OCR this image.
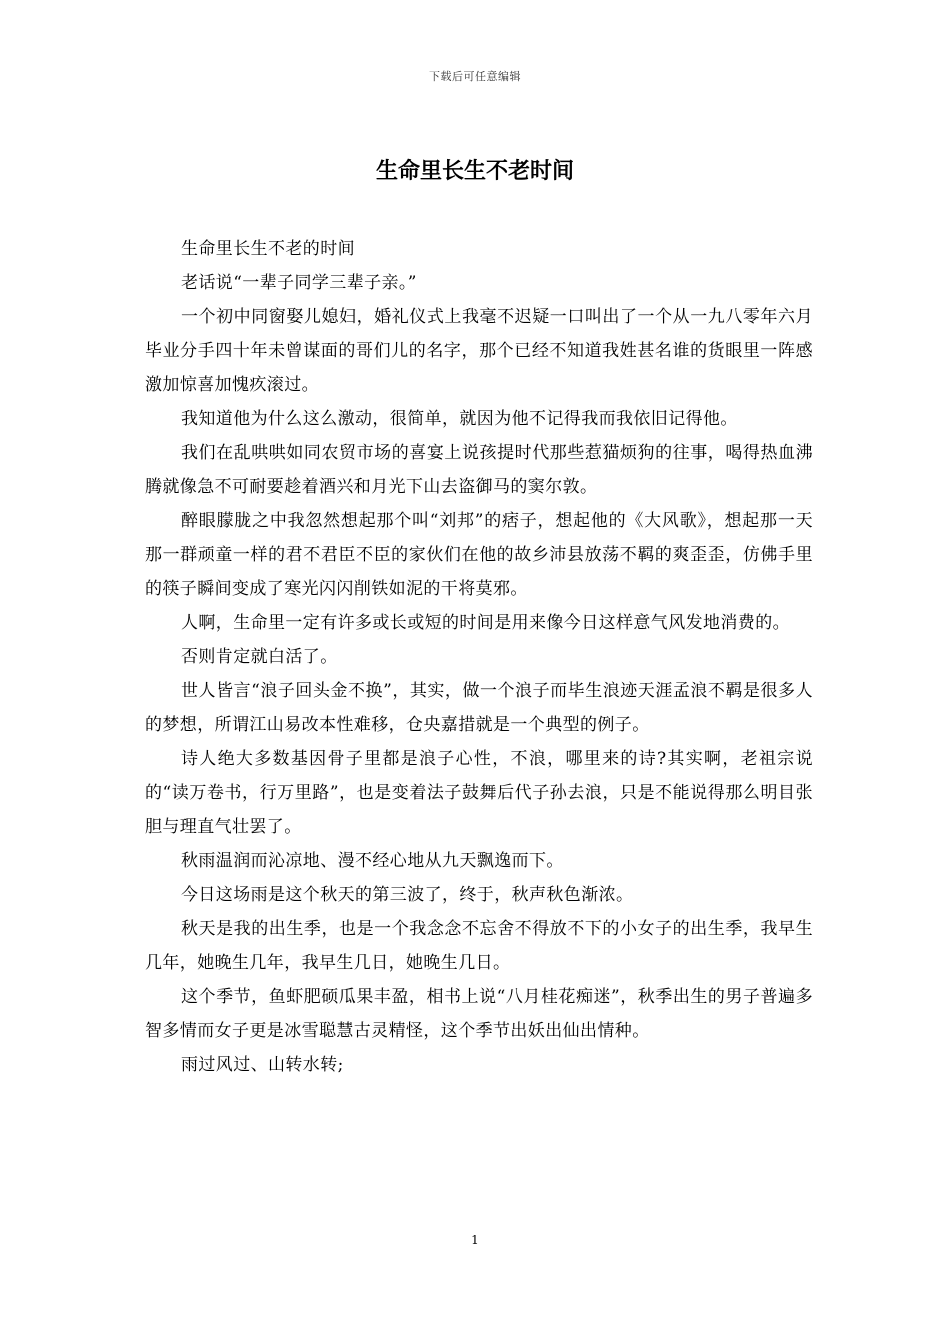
下载后可任意编辑
生命里长生不老时间

生命里长生不老的时间

老话说“一辈子同学三辈子亲。”

一个初中同窗娶儿媳妇，婚礼仪式上我毫不迟疑一口叫出了一个从一九八零年六月毕业分手四十年未曾谋面的哥们儿的名字，那个已经不知道我姓甚名谁的货眼里一阵感激加惊喜加愧疚滚过。

我知道他为什么这么激动，很简单，就因为他不记得我而我依旧记得他。

我们在乱哄哄如同农贸市场的喜宴上说孩提时代那些惹猫烦狗的往事，喝得热血沸腾就像急不可耐要趁着酒兴和月光下山去盗御马的窦尔敦。

醉眼朦胧之中我忽然想起那个叫“刘邦”的痞子，想起他的《大风歌》，想起那一天那一群顽童一样的君不君臣不臣的家伙们在他的故乡沛县放荡不羁的爽歪歪，仿佛手里的筷子瞬间变成了寒光闪闪削铁如泥的干将莫邪。

人啊，生命里一定有许多或长或短的时间是用来像今日这样意气风发地消费的。

否则肯定就白活了。

世人皆言“浪子回头金不换”，其实，做一个浪子而毕生浪迹天涯孟浪不羁是很多人的梦想，所谓江山易改本性难移，仓央嘉措就是一个典型的例子。

诗人绝大多数基因骨子里都是浪子心性，不浪，哪里来的诗?其实啊，老祖宗说的“读万卷书，行万里路”，也是变着法子鼓舞后代子孙去浪，只是不能说得那么明目张胆与理直气壮罢了。

秋雨温润而沁凉地、漫不经心地从九天飘逸而下。

今日这场雨是这个秋天的第三波了，终于，秋声秋色渐浓。

秋天是我的出生季，也是一个我念念不忘舍不得放不下的小女子的出生季，我早生几年，她晚生几年，我早生几日，她晚生几日。

这个季节，鱼虾肥硕瓜果丰盈，相书上说“八月桂花痴迷”，秋季出生的男子普遍多智多情而女子更是冰雪聪慧古灵精怪，这个季节出妖出仙出情种。

雨过风过、山转水转;

1
